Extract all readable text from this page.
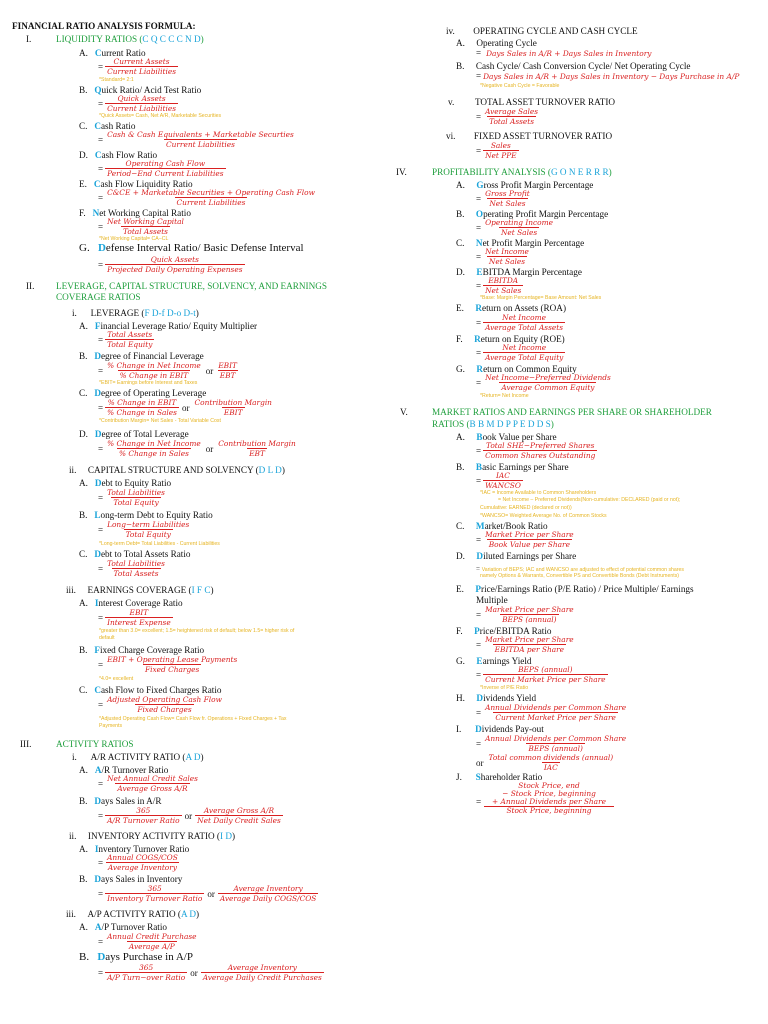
FINANCIAL RATIO ANALYSIS FORMULA:
I.	LIQUIDITY RATIOS (C Q C C C N D)
A. Current Ratio
= $\frac{\text{Current Assets}}{\text{Current Liabilities}}$
*Standard= 2:1
B. Quick Ratio/ Acid Test Ratio
= $\frac{\text{Quick Assets}}{\text{Current Liabilities}}$
*Quick Assets= Cash, Net A/R, Marketable Securities
C. Cash Ratio
= $\frac{\text{Cash \& Cash Equivalents + Marketable Securties}}{\text{Current Liabilities}}$
D. Cash Flow Ratio
= $\frac{\text{Operating Cash Flow}}{\text{Period−End Current Liabilities}}$
E. Cash Flow Liquidity Ratio
= $\frac{\text{C\&CE + Marketable Securities + Operating Cash Flow}}{\text{Current Liabilities}}$
F. Net Working Capital Ratio
= $\frac{\text{Net Working Capital}}{\text{Total Assets}}$
*Net Working Capital= CA−CL
G. Defense Interval Ratio/ Basic Defense Interval
= $\frac{\text{Quick Assets}}{\text{Projected Daily Operating Expenses}}$
II. LEVERAGE, CAPITAL STRUCTURE, SOLVENCY, AND EARNINGS
COVERAGE RATIOS
i. LEVERAGE (F D-f D-o D-t)
A. Financial Leverage Ratio/ Equity Multiplier
= $\frac{\text{Total Assets}}{\text{Total Equity}}$
B. Degree of Financial Leverage
= $\frac{\text{\% Change in Net Income}}{\text{\% Change in EBIT}}$ or $\frac{\text{EBIT}}{\text{EBT}}$
*EBIT= Earnings before Interest and Taxes
C. Degree of Operating Leverage
= $\frac{\text{\% Change in EBIT}}{\text{\% Change in Sales}}$ or $\frac{\text{Contribution Margin}}{\text{EBIT}}$
*Contribution Margin= Net Sales - Total Variable Cost
D. Degree of Total Leverage
= $\frac{\text{\% Change in Net Income}}{\text{\% Change in Sales}}$ or $\frac{\text{Contribution Margin}}{\text{EBT}}$
ii. CAPITAL STRUCTURE AND SOLVENCY (D L D)
A. Debt to Equity Ratio
= $\frac{\text{Total Liabilities}}{\text{Total Equity}}$
B. Long-term Debt to Equity Ratio
= $\frac{\text{Long−term Liabilities}}{\text{Total Equity}}$
*Long-term Debt= Total Liabilities - Current Liabilities
C. Debt to Total Assets Ratio
= $\frac{\text{Total Liabilities}}{\text{Total Assets}}$
iii. EARNINGS COVERAGE (I F C)
A. Interest Coverage Ratio
= $\frac{\text{EBIT}}{\text{Interest Expense}}$
*greater than 3.0= excellent; 1.5= heightened risk of default; below 1.5= higher risk of
default
B. Fixed Charge Coverage Ratio
= $\frac{\text{EBIT + Operating Lease Payments}}{\text{Fixed Charges}}$
*4.0= excellent
C. Cash Flow to Fixed Charges Ratio
= $\frac{\text{Adjusted Operating Cash Flow}}{\text{Fixed Charges}}$
*Adjusted Operating Cash Flow= Cash Flow fr. Operations + Fixed Charges + Tax
Payments
III.	ACTIVITY RATIOS
i. A/R ACTIVITY RATIO (A D)
A. A/R Turnover Ratio
= $\frac{\text{Net Annual Credit Sales}}{\text{Average Gross A/R}}$
B. Days Sales in A/R
= $\frac{365}{\text{A/R Turnover Ratio}}$ or $\frac{\text{Average Gross A/R}}{\text{Net Daily Credit Sales}}$
ii. INVENTORY ACTIVITY RATIO (I D)
A. Inventory Turnover Ratio
= $\frac{\text{Annual COGS/COS}}{\text{Average Inventory}}$
B. Days Sales in Inventory
= $\frac{365}{\text{Inventory Turnover Ratio}}$ or $\frac{\text{Average Inventory}}{\text{Average Daily COGS/COS}}$
iii. A/P ACTIVITY RATIO (A D)
A. A/P Turnover Ratio
= $\frac{\text{Annual Credit Purchase}}{\text{Average A/P}}$
B. Days Purchase in A/P
= $\frac{365}{\text{A/P Turn−over Ratio}}$ or $\frac{\text{Average Inventory}}{\text{Average Daily Credit Purchases}}$
iv. OPERATING CYCLE AND CASH CYCLE
A. Operating Cycle
= Days Sales in A/R + Days Sales in Inventory
B. Cash Cycle/ Cash Conversion Cycle/ Net Operating Cycle
= Days Sales in A/R + Days Sales in Inventory − Days Purchase in A/P
*Negative Cash Cycle = Favorable
v. TOTAL ASSET TURNOVER RATIO
= $\frac{\text{Average Sales}}{\text{Total Assets}}$
vi. FIXED ASSET TURNOVER RATIO
= $\frac{\text{Sales}}{\text{Net PPE}}$
IV.	PROFITABILITY ANALYSIS (G O N E R R R)
A. Gross Profit Margin Percentage
= $\frac{\text{Gross Profit}}{\text{Net Sales}}$
B. Operating Profit Margin Percentage
= $\frac{\text{Operating Income}}{\text{Net Sales}}$
C. Net Profit Margin Percentage
= $\frac{\text{Net Income}}{\text{Net Sales}}$
D. EBITDA Margin Percentage
= $\frac{\text{EBITDA}}{\text{Net Sales}}$
*Base: Margin Percentage= Base Amount: Net Sales
E. Return on Assets (ROA)
= $\frac{\text{Net Income}}{\text{Average Total Assets}}$
F. Return on Equity (ROE)
= $\frac{\text{Net Income}}{\text{Average Total Equity}}$
G. Return on Common Equity
= $\frac{\text{Net Income−Preferred Dividends}}{\text{Average Common Equity}}$
*Return= Net Income
V.	MARKET RATIOS AND EARNINGS PER SHARE OR SHAREHOLDER
RATIOS (B B M D P P E D D S)
A. Book Value per Share
= $\frac{\text{Total SHE−Preferred Shares}}{\text{Common Shares Outstanding}}$
B. Basic Earnings per Share
= $\frac{\text{IAC}}{\text{WANCSO}}$
*IAC = Income Available to Common Shareholders
= Net Income – Preferred Dividends(Non-cumulative: DECLARED (paid or not);
Cumulative: EARNED (declared or not))
*WANCSO= Weighted Average No. of Common Stocks
C. Market/Book Ratio
= $\frac{\text{Market Price per Share}}{\text{Book Value per Share}}$
D. Diluted Earnings per Share
= Variation of BEPS; IAC and WANCSO are adjusted to effect of potential common shares
namely Options & Warrants, Convertible PS and Convertible Bonds (Debt Instruments)
E. Price/Earnings Ratio (P/E Ratio) / Price Multiple/ Earnings
Multiple
= $\frac{\text{Market Price per Share}}{\text{BEPS (annual)}}$
F. Price/EBITDA Ratio
= $\frac{\text{Market Price per Share}}{\text{EBITDA per Share}}$
G. Earnings Yield
= $\frac{\text{BEPS (annual)}}{\text{Current Market Price per Share}}$
*Inverse of P/E Ratio
H. Dividends Yield
= $\frac{\text{Annual Dividends per Common Share}}{\text{Current Market Price per Share}}$
I. Dividends Pay-out
= $\frac{\text{Annual Dividends per Common Share}}{\text{BEPS (annual)}}$
or $\frac{\text{Total common dividends (annual)}}{\text{IAC}}$
J. Shareholder Ratio
=
Stock Price, end
− Stock Price, beginning
+ Annual Dividends per Share
Stock Price, beginning
